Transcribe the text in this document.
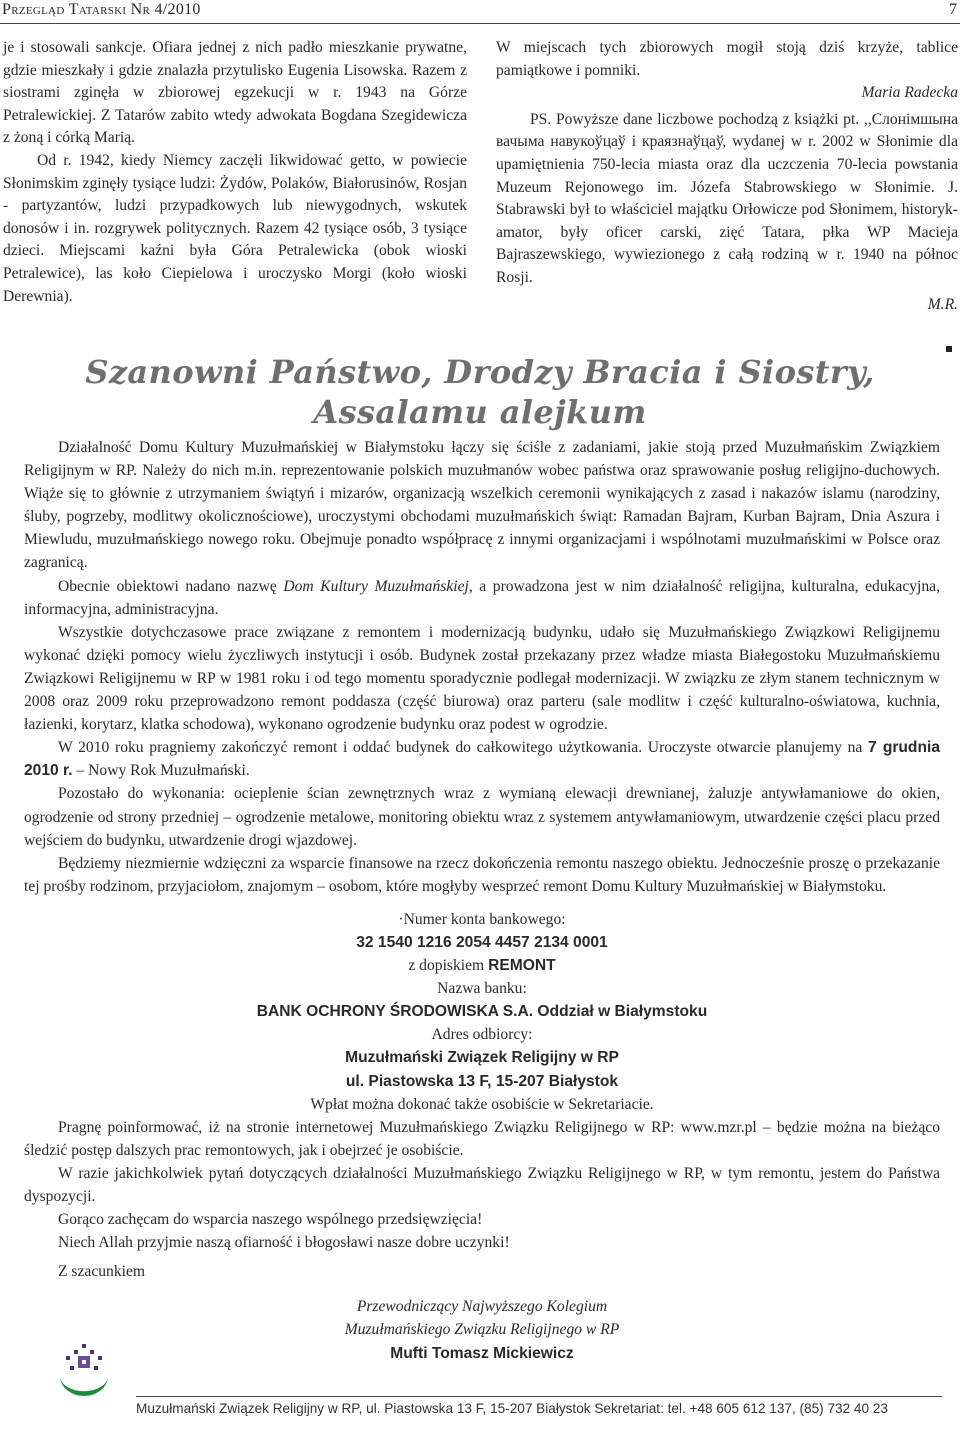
Przegląd Tatarski Nr 4/2010	7

je i stosowali sankcje. Ofiara jednej z nich padło mieszkanie prywatne, gdzie mieszkały i gdzie znalazła przytulisko Eugenia Lisowska. Razem z siostrami zginęła w zbiorowej egzekucji w r. 1943 na Górze Petralewickiej. Z Tatarów zabito wtedy adwokata Bogdana Szegidewicza z żoną i córką Marią.

Od r. 1942, kiedy Niemcy zaczęli likwidować getto, w powiecie Słonimskim zginęły tysiące ludzi: Żydów, Polaków, Białorusinów, Rosjan - partyzantów, ludzi przypadkowych lub niewygodnych, wskutek donosów i in. rozgrywek politycznych. Razem 42 tysiące osób, 3 tysiące dzieci. Miejscami kaźni była Góra Petralewicka (obok wioski Petralewice), las koło Ciepielowa i uroczysko Morgi (koło wioski Derewnia).

W miejscach tych zbiorowych mogił stoją dziś krzyże, tablice pamiątkowe i pomniki.

Maria Radecka

PS. Powyższe dane liczbowe pochodzą z książki pt. ,,Слонімшына вачыма навукоўцаў і краязнаўцаў, wydanej w r. 2002 w Słonimie dla upamiętnienia 750-lecia miasta oraz dla uczczenia 70-lecia powstania Muzeum Rejonowego im. Józefa Stabrowskiego w Słonimie. J. Stabrawski był to właściciel majątku Orłowicze pod Słonimem, historyk-amator, były oficer carski, zięć Tatara, płka WP Macieja Bajraszewskiego, wywiezionego z całą rodziną w r. 1940 na północ Rosji.

M.R.

Szanowni Państwo, Drodzy Bracia i Siostry,
Assalamu alejkum

Działalność Domu Kultury Muzułmańskiej w Białymstoku łączy się ściśle z zadaniami, jakie stoją przed Muzułmańskim Związkiem Religijnym w RP. Należy do nich m.in. reprezentowanie polskich muzułmanów wobec państwa oraz sprawowanie posług religijno-duchowych. Wiąże się to głównie z utrzymaniem świątyń i mizarów, organizacją wszelkich ceremonii wynikających z zasad i nakazów islamu (narodziny, śluby, pogrzeby, modlitwy okolicznościowe), uroczystymi obchodami muzułmańskich świąt: Ramadan Bajram, Kurban Bajram, Dnia Aszura i Miewludu, muzułmańskiego nowego roku. Obejmuje ponadto współpracę z innymi organizacjami i wspólnotami muzułmańskimi w Polsce oraz zagranicą.

Obecnie obiektowi nadano nazwę Dom Kultury Muzułmańskiej, a prowadzona jest w nim działalność religijna, kulturalna, edukacyjna, informacyjna, administracyjna.

Wszystkie dotychczasowe prace związane z remontem i modernizacją budynku, udało się Muzułmańskiego Związkowi Religijnemu wykonać dzięki pomocy wielu życzliwych instytucji i osób. Budynek został przekazany przez władze miasta Białegostoku Muzułmańskiemu Związkowi Religijnemu w RP w 1981 roku i od tego momentu sporadycznie podlegał modernizacji. W związku ze złym stanem technicznym w 2008 oraz 2009 roku przeprowadzono remont poddasza (część biurowa) oraz parteru (sale modlitw i część kulturalno-oświatowa, kuchnia, łazienki, korytarz, klatka schodowa), wykonano ogrodzenie budynku oraz podest w ogrodzie.

W 2010 roku pragniemy zakończyć remont i oddać budynek do całkowitego użytkowania. Uroczyste otwarcie planujemy na 7 grudnia 2010 r. – Nowy Rok Muzułmański.

Pozostało do wykonania: ocieplenie ścian zewnętrznych wraz z wymianą elewacji drewnianej, żaluzje antywłamaniowe do okien, ogrodzenie od strony przedniej – ogrodzenie metalowe, monitoring obiektu wraz z systemem antywłamaniowym, utwardzenie części placu przed wejściem do budynku, utwardzenie drogi wjazdowej.

Będziemy niezmiernie wdzięczni za wsparcie finansowe na rzecz dokończenia remontu naszego obiektu. Jednocześnie proszę o przekazanie tej prośby rodzinom, przyjaciołom, znajomym – osobom, które mogłyby wesprzeć remont Domu Kultury Muzułmańskiej w Białymstoku.

·Numer konta bankowego:
32 1540 1216 2054 4457 2134 0001
z dopiskiem REMONT
Nazwa banku:
BANK OCHRONY ŚRODOWISKA S.A. Oddział w Białymstoku
Adres odbiorcy:
Muzułmański Związek Religijny w RP
ul. Piastowska 13 F, 15-207 Białystok
Wpłat można dokonać także osobiście w Sekretariacie.

Pragnę poinformować, iż na stronie internetowej Muzułmańskiego Związku Religijnego w RP: www.mzr.pl – będzie można na bieżąco śledzić postęp dalszych prac remontowych, jak i obejrzeć je osobiście.

W razie jakichkolwiek pytań dotyczących działalności Muzułmańskiego Związku Religijnego w RP, w tym remontu, jestem do Państwa dyspozycji.

Gorąco zachęcam do wsparcia naszego wspólnego przedsięwzięcia!

Niech Allah przyjmie naszą ofiarność i błogosławi nasze dobre uczynki!

Z szacunkiem

Przewodniczący Najwyższego Kolegium
Muzułmańskiego Związku Religijnego w RP
Mufti Tomasz Mickiewicz
Muzułmański Związek Religijny w RP, ul. Piastowska 13 F, 15-207 Białystok Sekretariat: tel. +48 605 612 137, (85) 732 40 23
